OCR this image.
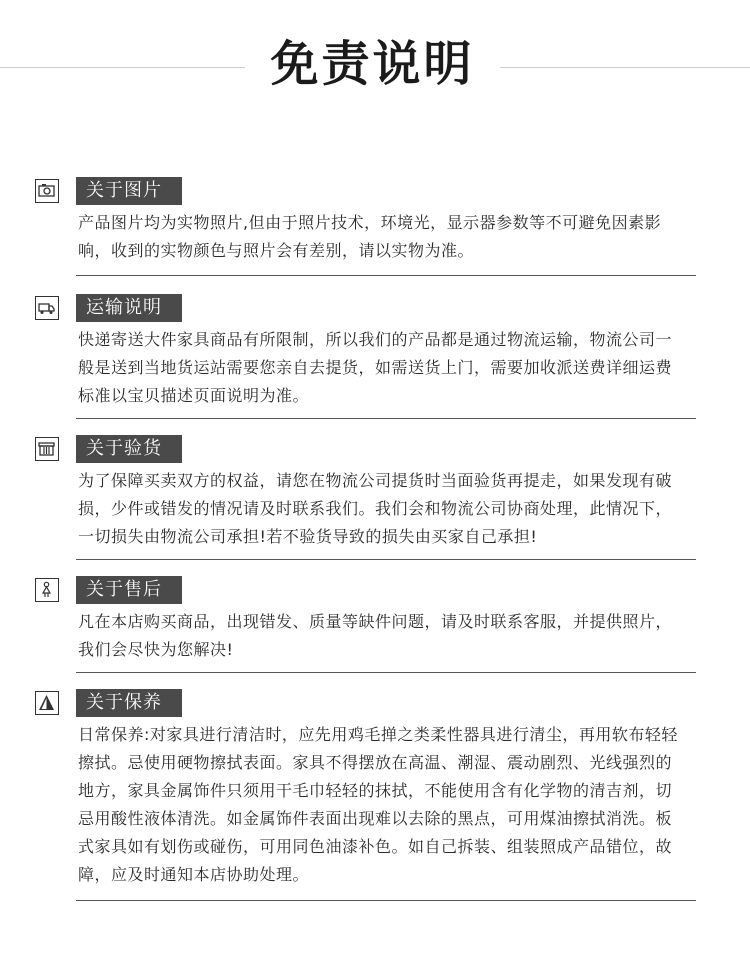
免责说明
关于图片
产品图片均为实物照片,但由于照片技术，环境光，显示器参数等不可避免因素影响，收到的实物颜色与照片会有差别，请以实物为准。
运输说明
快递寄送大件家具商品有所限制，所以我们的产品都是通过物流运输，物流公司一般是送到当地货运站需要您亲自去提货，如需送货上门，需要加收派送费详细运费标准以宝贝描述页面说明为准。
关于验货
为了保障买卖双方的权益，请您在物流公司提货时当面验货再提走，如果发现有破损，少件或错发的情况请及时联系我们。我们会和物流公司协商处理，此情况下，一切损失由物流公司承担!若不验货导致的损失由买家自己承担!
关于售后
凡在本店购买商品，出现错发、质量等缺件问题，请及时联系客服，并提供照片，我们会尽快为您解决!
关于保养
日常保养:对家具进行清洁时，应先用鸡毛掸之类柔性器具进行清尘，再用软布轻轻擦拭。忌使用硬物擦拭表面。家具不得摆放在高温、潮湿、震动剧烈、光线强烈的地方，家具金属饰件只须用干毛巾轻轻的抹拭，不能使用含有化学物的清吉剂，切忌用酸性液体清洗。如金属饰件表面出现难以去除的黑点，可用煤油擦拭消洗。板式家具如有划伤或碰伤，可用同色油漆补色。如自己拆装、组装照成产品错位，故障，应及时通知本店协助处理。
